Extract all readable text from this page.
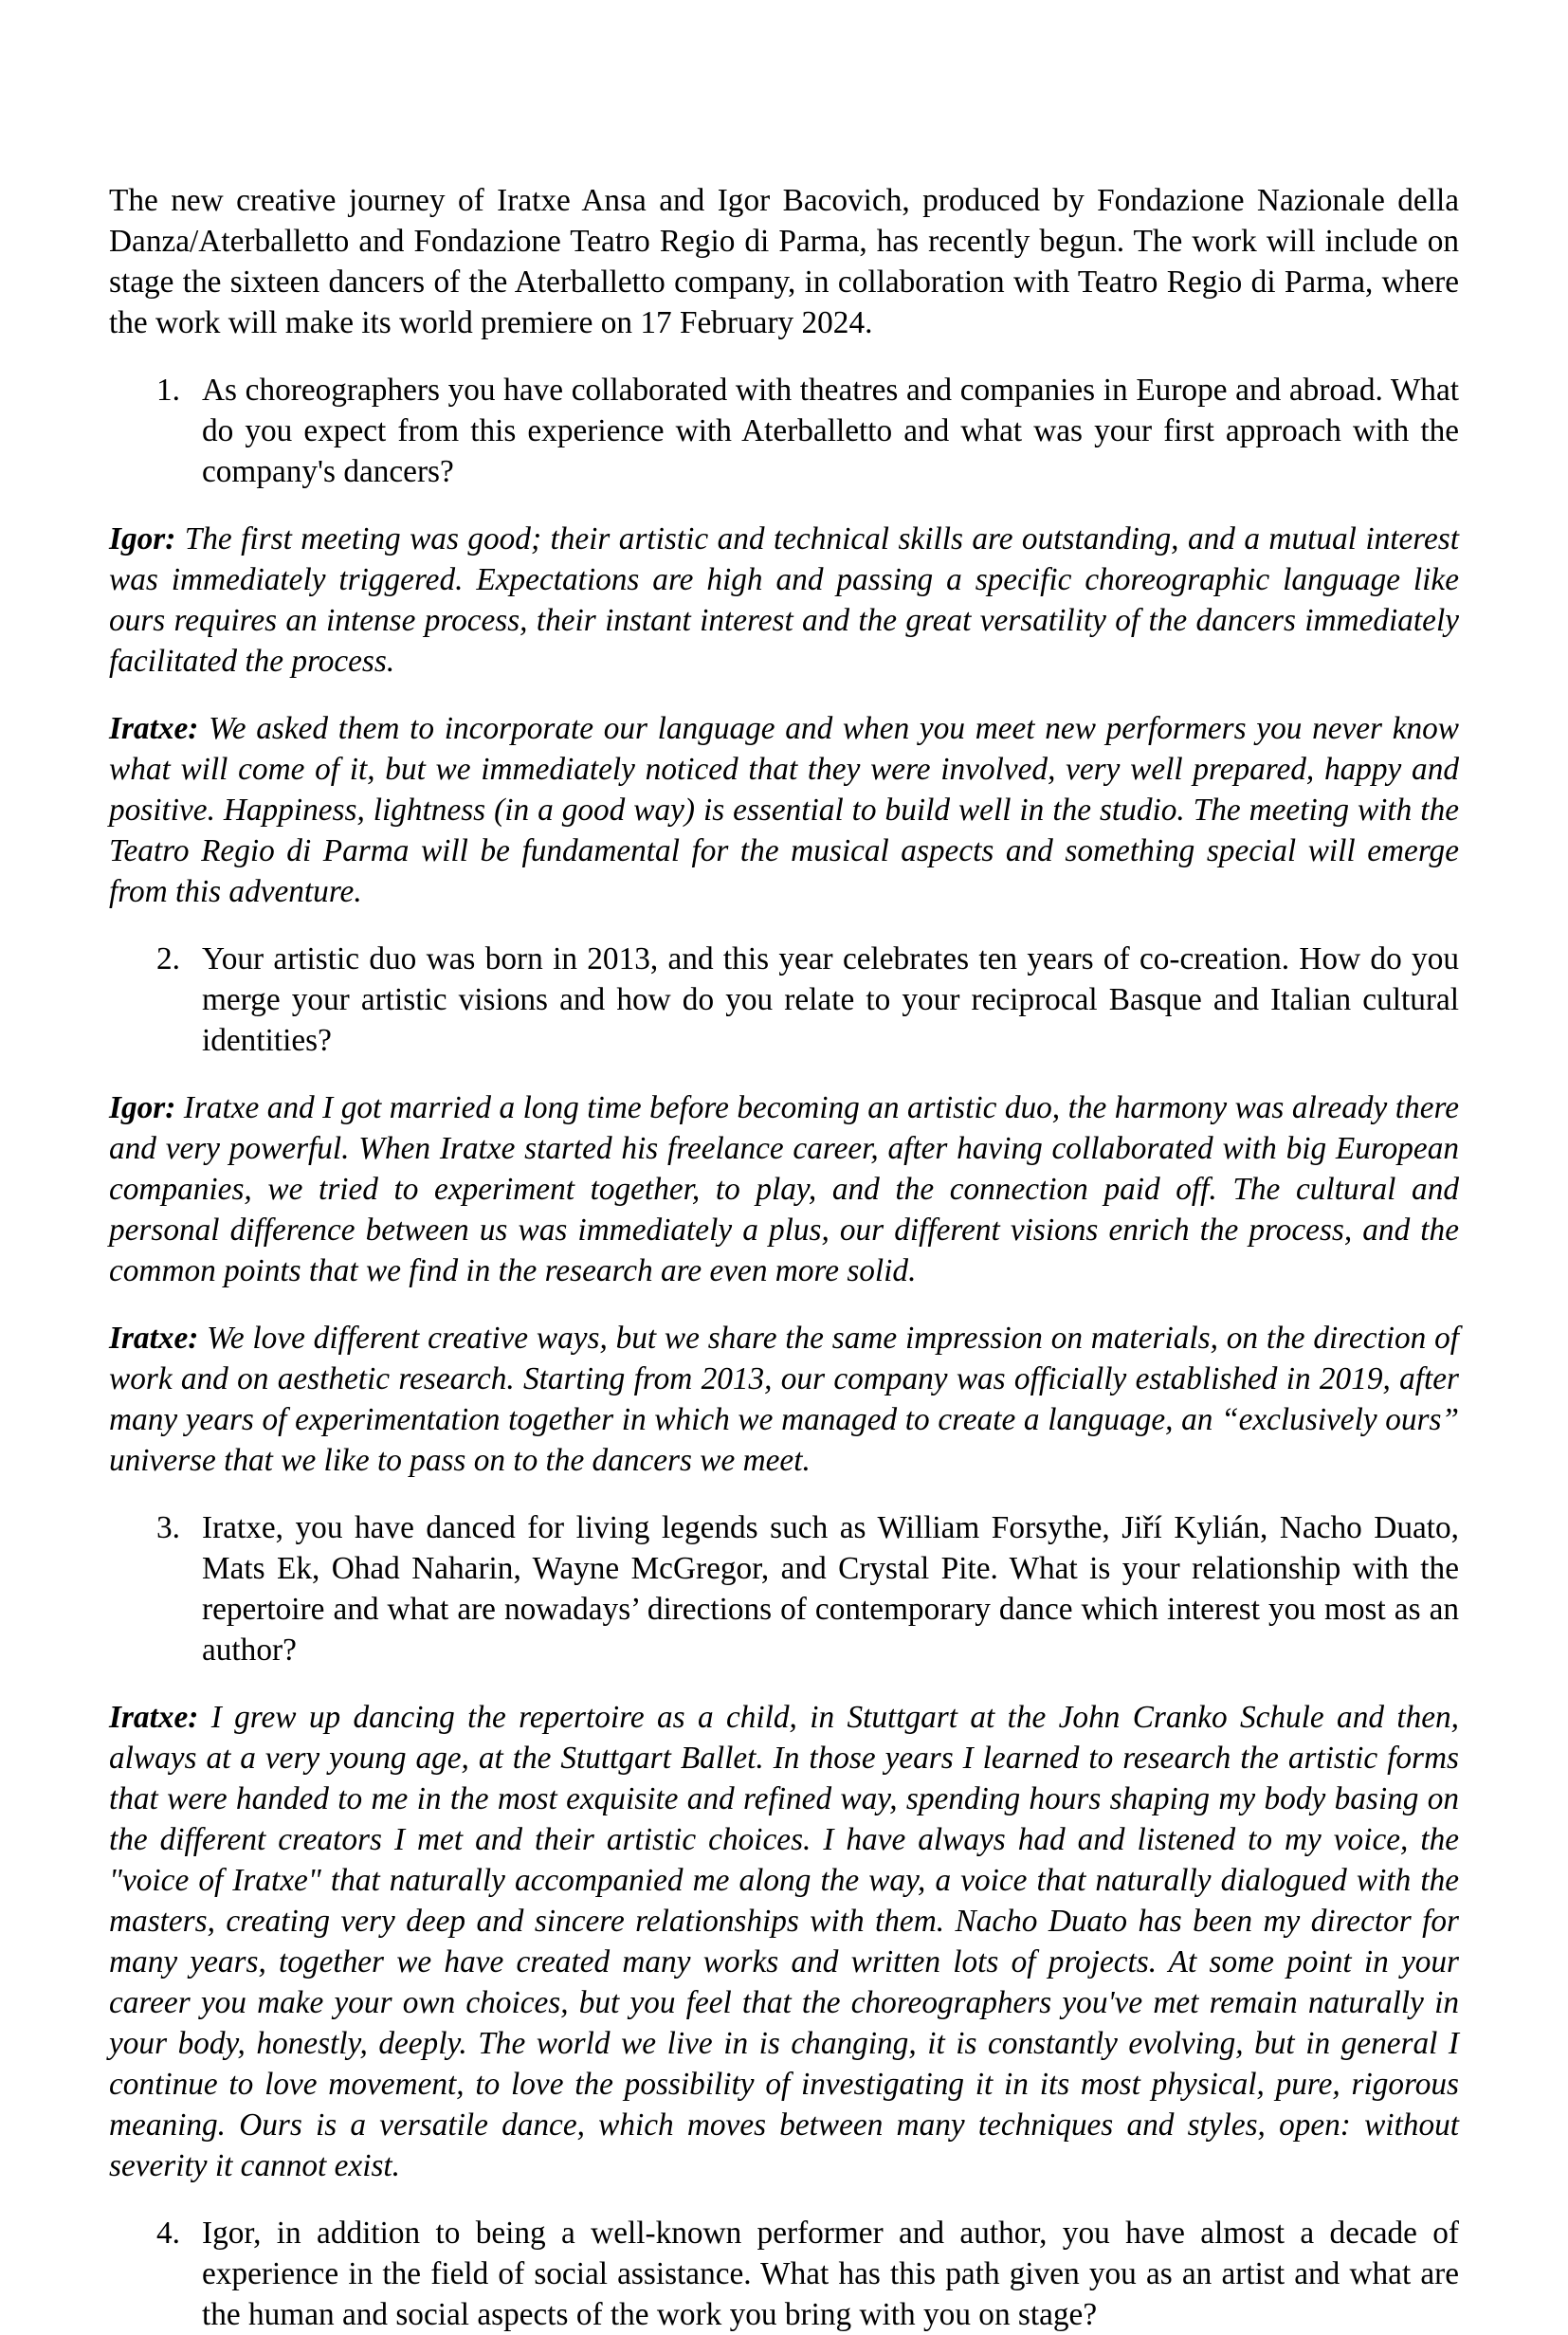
The new creative journey of Iratxe Ansa and Igor Bacovich, produced by Fondazione Nazionale della Danza/Aterballetto and Fondazione Teatro Regio di Parma, has recently begun. The work will include on stage the sixteen dancers of the Aterballetto company, in collaboration with Teatro Regio di Parma, where the work will make its world premiere on 17 February 2024.

1. As choreographers you have collaborated with theatres and companies in Europe and abroad. What do you expect from this experience with Aterballetto and what was your first approach with the company's dancers?

Igor: The first meeting was good; their artistic and technical skills are outstanding, and a mutual interest was immediately triggered. Expectations are high and passing a specific choreographic language like ours requires an intense process, their instant interest and the great versatility of the dancers immediately facilitated the process.

Iratxe: We asked them to incorporate our language and when you meet new performers you never know what will come of it, but we immediately noticed that they were involved, very well prepared, happy and positive. Happiness, lightness (in a good way) is essential to build well in the studio. The meeting with the Teatro Regio di Parma will be fundamental for the musical aspects and something special will emerge from this adventure.

2. Your artistic duo was born in 2013, and this year celebrates ten years of co-creation. How do you merge your artistic visions and how do you relate to your reciprocal Basque and Italian cultural identities?

Igor: Iratxe and I got married a long time before becoming an artistic duo, the harmony was already there and very powerful. When Iratxe started his freelance career, after having collaborated with big European companies, we tried to experiment together, to play, and the connection paid off. The cultural and personal difference between us was immediately a plus, our different visions enrich the process, and the common points that we find in the research are even more solid.

Iratxe: We love different creative ways, but we share the same impression on materials, on the direction of work and on aesthetic research. Starting from 2013, our company was officially established in 2019, after many years of experimentation together in which we managed to create a language, an “exclusively ours” universe that we like to pass on to the dancers we meet.

3. Iratxe, you have danced for living legends such as William Forsythe, Jiří Kylián, Nacho Duato, Mats Ek, Ohad Naharin, Wayne McGregor, and Crystal Pite. What is your relationship with the repertoire and what are nowadays’ directions of contemporary dance which interest you most as an author?

Iratxe: I grew up dancing the repertoire as a child, in Stuttgart at the John Cranko Schule and then, always at a very young age, at the Stuttgart Ballet. In those years I learned to research the artistic forms that were handed to me in the most exquisite and refined way, spending hours shaping my body basing on the different creators I met and their artistic choices. I have always had and listened to my voice, the "voice of Iratxe" that naturally accompanied me along the way, a voice that naturally dialogued with the masters, creating very deep and sincere relationships with them. Nacho Duato has been my director for many years, together we have created many works and written lots of projects. At some point in your career you make your own choices, but you feel that the choreographers you've met remain naturally in your body, honestly, deeply. The world we live in is changing, it is constantly evolving, but in general I continue to love movement, to love the possibility of investigating it in its most physical, pure, rigorous meaning. Ours is a versatile dance, which moves between many techniques and styles, open: without severity it cannot exist.

4. Igor, in addition to being a well-known performer and author, you have almost a decade of experience in the field of social assistance. What has this path given you as an artist and what are the human and social aspects of the work you bring with you on stage?
